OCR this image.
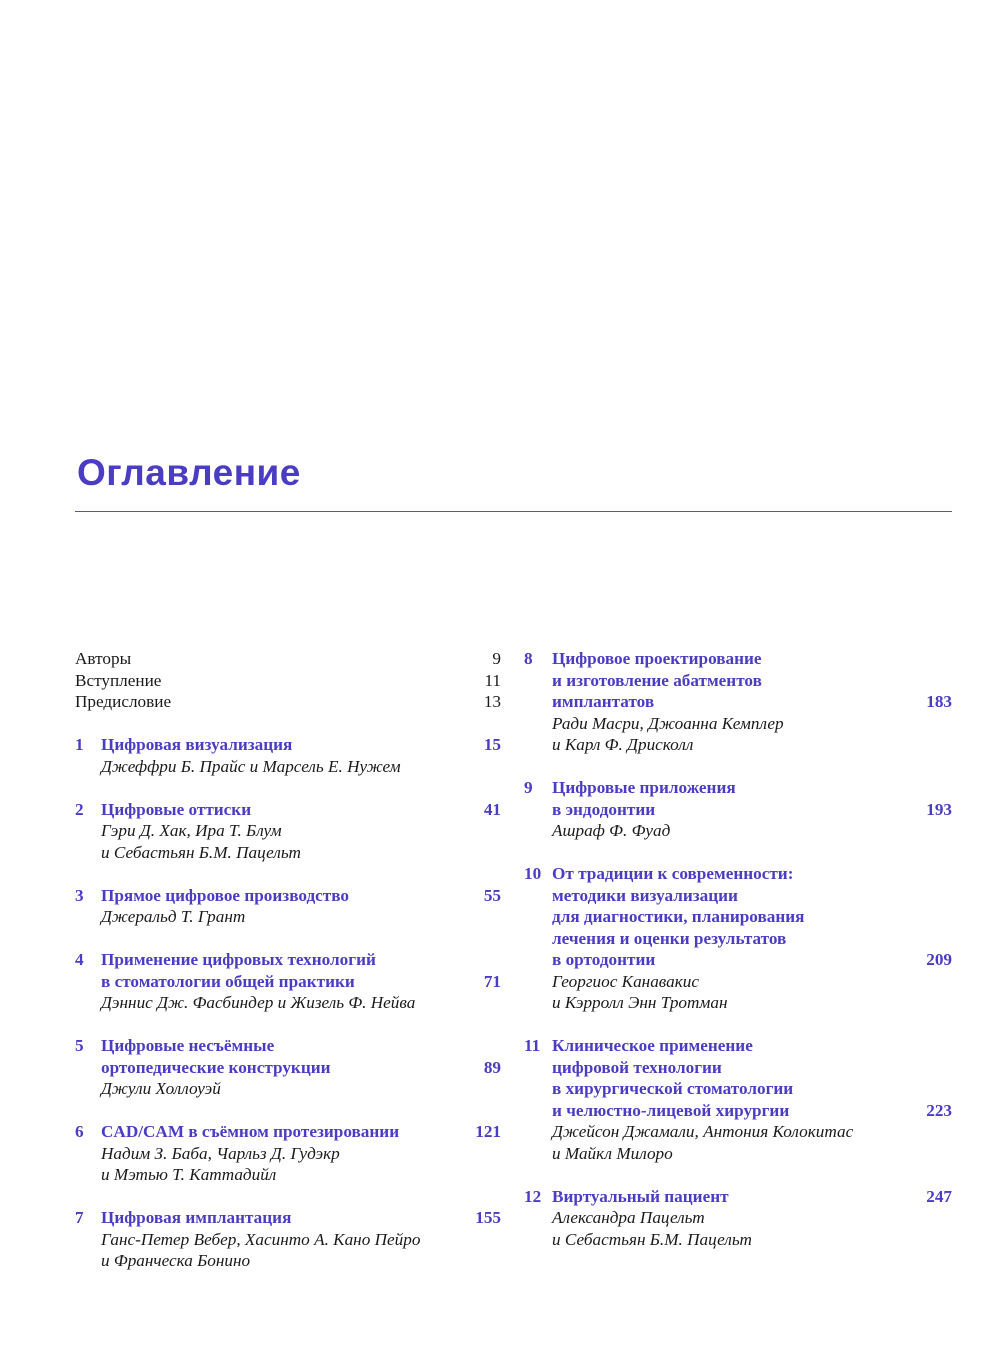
Оглавление
Авторы	9
Вступление	11
Предисловие	13
1 Цифровая визуализация	15
Джеффри Б. Прайс и Марсель Е. Нужем
2 Цифровые оттиски	41
Гэри Д. Хак, Ира Т. Блум
и Себастьян Б.М. Пацельт
3 Прямое цифровое производство	55
Джеральд Т. Грант
4 Применение цифровых технологий
в стоматологии общей практики	71
Дэннис Дж. Фасбиндер и Жизель Ф. Нейва
5 Цифровые несъёмные
ортопедические конструкции	89
Джули Холлоуэй
6 CAD/CAM в съёмном протезировании	121
Надим З. Баба, Чарльз Д. Гудэкр
и Мэтью Т. Каттадийл
7 Цифровая имплантация	155
Ганс-Петер Вебер, Хасинто А. Кано Пейро
и Франческа Бонино
8 Цифровое проектирование
и изготовление абатментов
имплантатов	183
Ради Масри, Джоанна Кемплер
и Карл Ф. Дрисколл
9 Цифровые приложения
в эндодонтии	193
Ашраф Ф. Фуад
10 От традиции к современности:
методики визуализации
для диагностики, планирования
лечения и оценки результатов
в ортодонтии	209
Георгиос Канавакис
и Кэрролл Энн Тротман
11 Клиническое применение
цифровой технологии
в хирургической стоматологии
и челюстно-лицевой хирургии	223
Джейсон Джамали, Антония Колокитас
и Майкл Милоро
12 Виртуальный пациент	247
Александра Пацельт
и Себастьян Б.М. Пацельт
